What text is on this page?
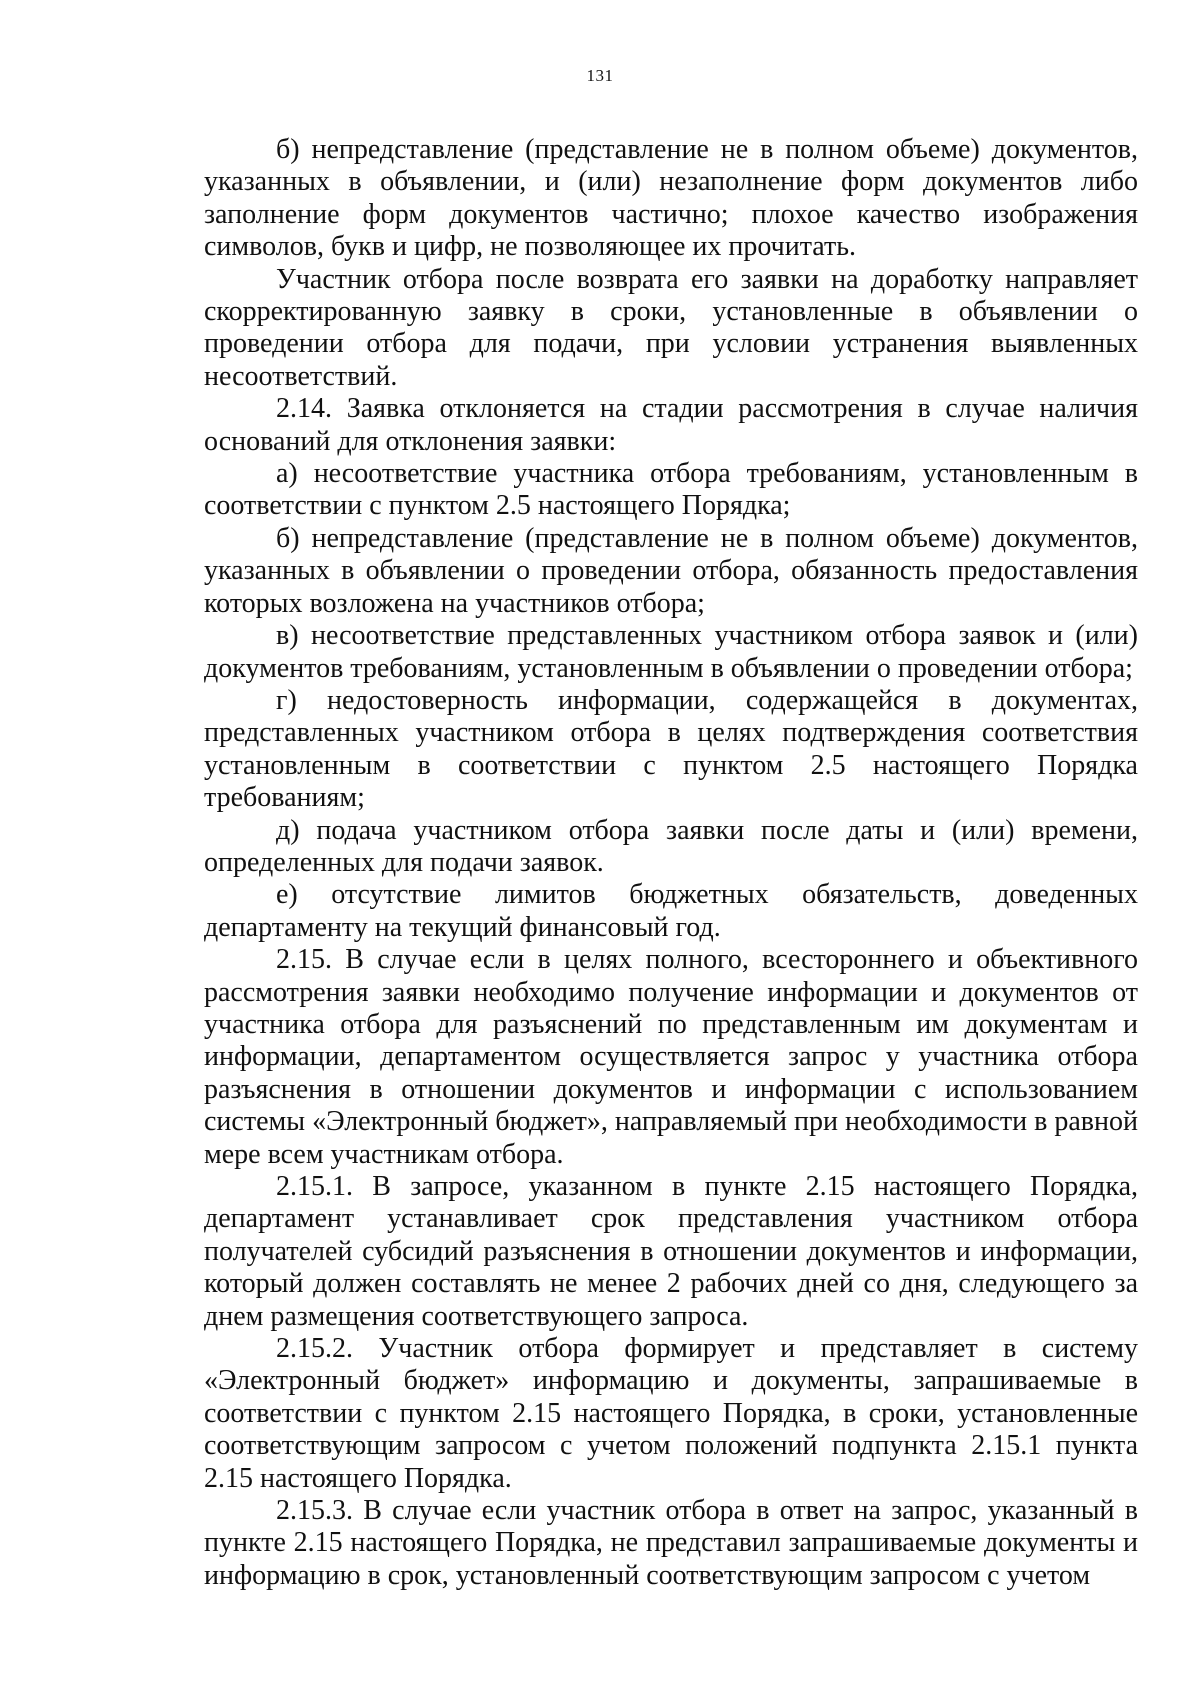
131

б) непредставление (представление не в полном объеме) документов, указанных в объявлении, и (или) незаполнение форм документов либо заполнение форм документов частично; плохое качество изображения символов, букв и цифр, не позволяющее их прочитать.

Участник отбора после возврата его заявки на доработку направляет скорректированную заявку в сроки, установленные в объявлении о проведении отбора для подачи, при условии устранения выявленных несоответствий.

2.14. Заявка отклоняется на стадии рассмотрения в случае наличия оснований для отклонения заявки:

а) несоответствие участника отбора требованиям, установленным в соответствии с пунктом 2.5 настоящего Порядка;

б) непредставление (представление не в полном объеме) документов, указанных в объявлении о проведении отбора, обязанность предоставления которых возложена на участников отбора;

в) несоответствие представленных участником отбора заявок и (или) документов требованиям, установленным в объявлении о проведении отбора;

г) недостоверность информации, содержащейся в документах, представленных участником отбора в целях подтверждения соответствия установленным в соответствии с пунктом 2.5 настоящего Порядка требованиям;

д) подача участником отбора заявки после даты и (или) времени, определенных для подачи заявок.

е) отсутствие лимитов бюджетных обязательств, доведенных департаменту на текущий финансовый год.

2.15. В случае если в целях полного, всестороннего и объективного рассмотрения заявки необходимо получение информации и документов от участника отбора для разъяснений по представленным им документам и информации, департаментом осуществляется запрос у участника отбора разъяснения в отношении документов и информации с использованием системы «Электронный бюджет», направляемый при необходимости в равной мере всем участникам отбора.

2.15.1. В запросе, указанном в пункте 2.15 настоящего Порядка, департамент устанавливает срок представления участником отбора получателей субсидий разъяснения в отношении документов и информации, который должен составлять не менее 2 рабочих дней со дня, следующего за днем размещения соответствующего запроса.

2.15.2. Участник отбора формирует и представляет в систему «Электронный бюджет» информацию и документы, запрашиваемые в соответствии с пунктом 2.15 настоящего Порядка, в сроки, установленные соответствующим запросом с учетом положений подпункта 2.15.1 пункта 2.15 настоящего Порядка.

2.15.3. В случае если участник отбора в ответ на запрос, указанный в пункте 2.15 настоящего Порядка, не представил запрашиваемые документы и информацию в срок, установленный соответствующим запросом с учетом
